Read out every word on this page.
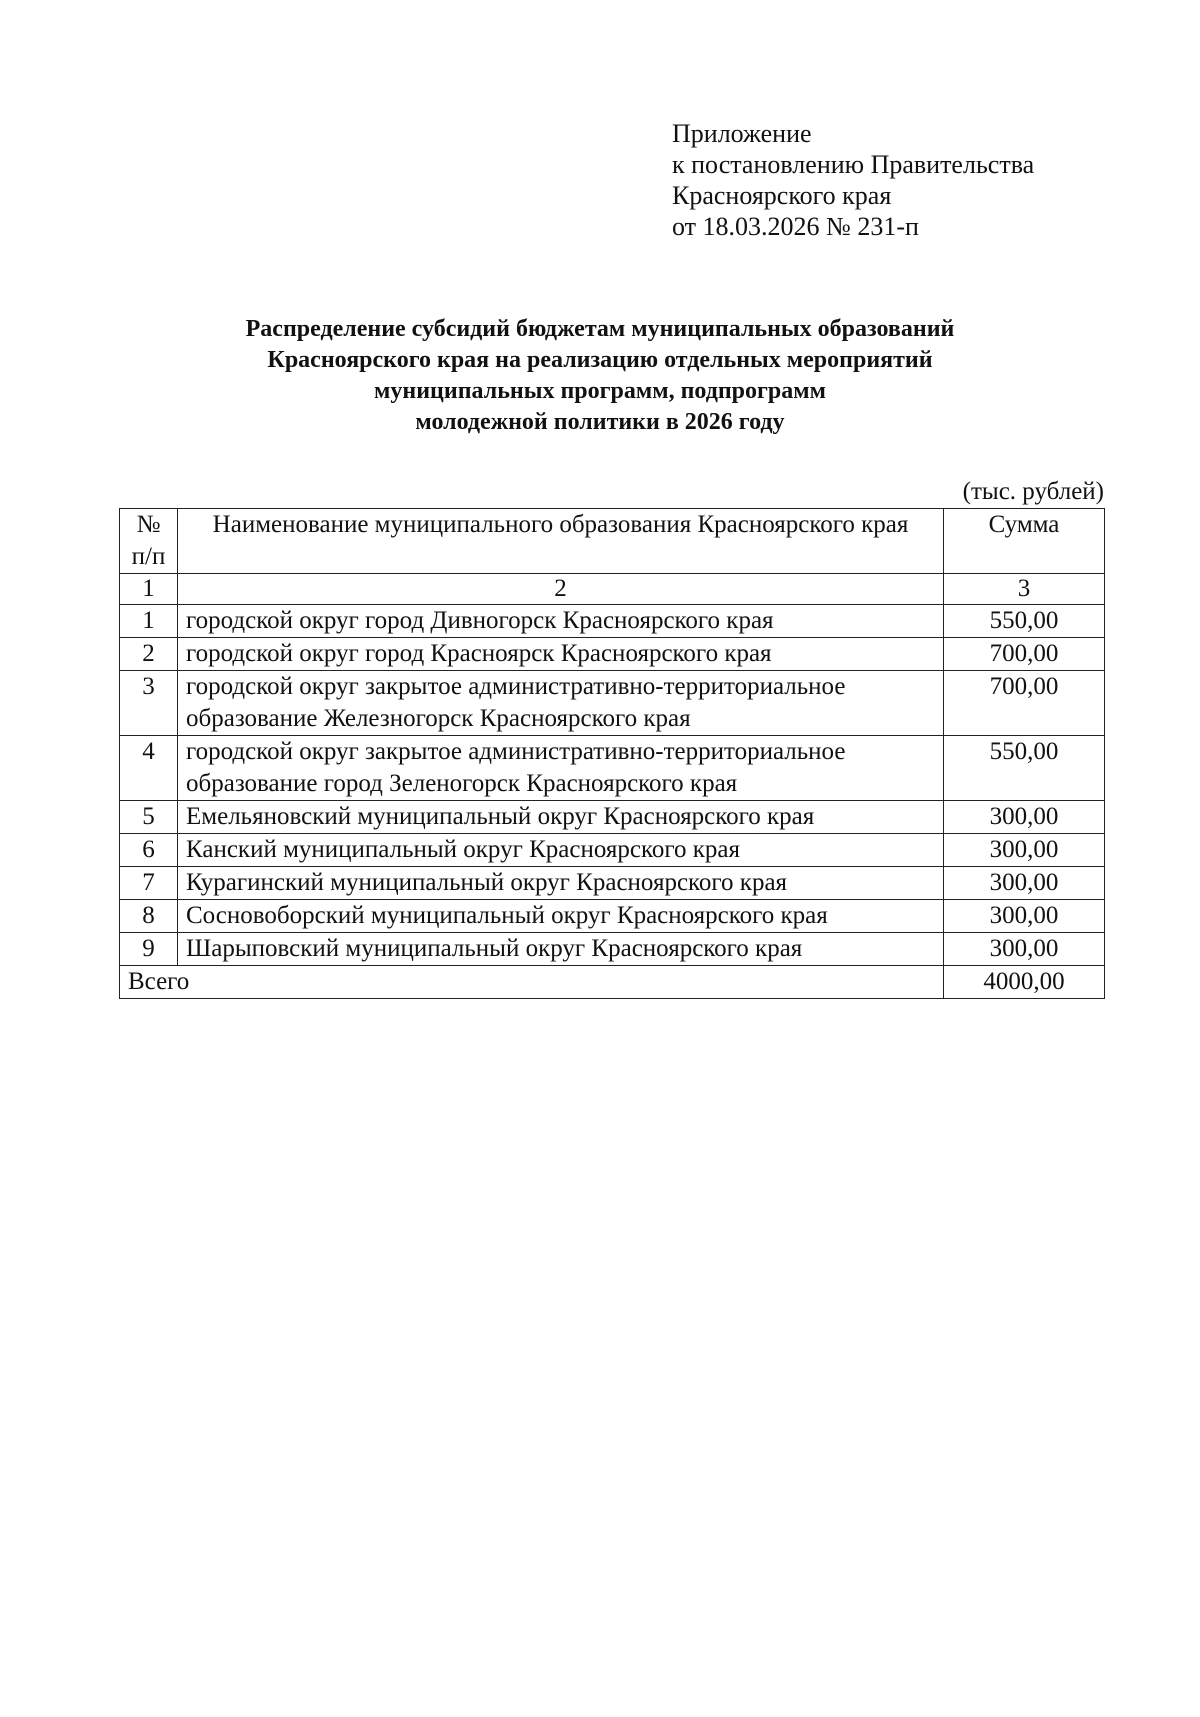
Приложение
к постановлению Правительства
Красноярского края
от 18.03.2026 № 231-п
Распределение субсидий бюджетам муниципальных образований
Красноярского края на реализацию отдельных мероприятий
муниципальных программ, подпрограмм
молодежной политики в 2026 году
(тыс. рублей)
№ п/п	Наименование муниципального образования Красноярского края	Сумма
1	2	3
1	городской округ город Дивногорск Красноярского края	550,00
2	городской округ город Красноярск Красноярского края	700,00
3	городской округ закрытое административно-территориальное образование Железногорск Красноярского края	700,00
4	городской округ закрытое административно-территориальное образование город Зеленогорск Красноярского края	550,00
5	Емельяновский муниципальный округ Красноярского края	300,00
6	Канский муниципальный округ Красноярского края	300,00
7	Курагинский муниципальный округ Красноярского края	300,00
8	Сосновоборский муниципальный округ Красноярского края	300,00
9	Шарыповский муниципальный округ Красноярского края	300,00
Всего		4000,00
